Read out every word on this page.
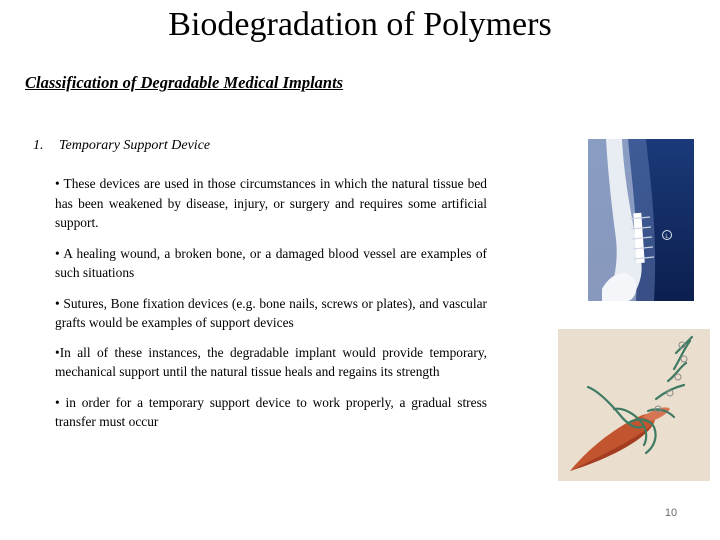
Biodegradation of Polymers
Classification of Degradable Medical Implants
1. Temporary Support Device

• These devices are used in those circumstances in which the natural tissue bed has been weakened by disease, injury, or surgery and requires some artificial support.

• A healing wound, a broken bone, or a damaged blood vessel are examples of such situations

• Sutures, Bone fixation devices (e.g. bone nails, screws or plates), and vascular grafts would be examples of support devices

•In all of these instances, the degradable implant would provide temporary, mechanical support until the natural tissue heals and regains its strength

• in order for a temporary support device to work properly, a gradual stress transfer must occur

L
10
